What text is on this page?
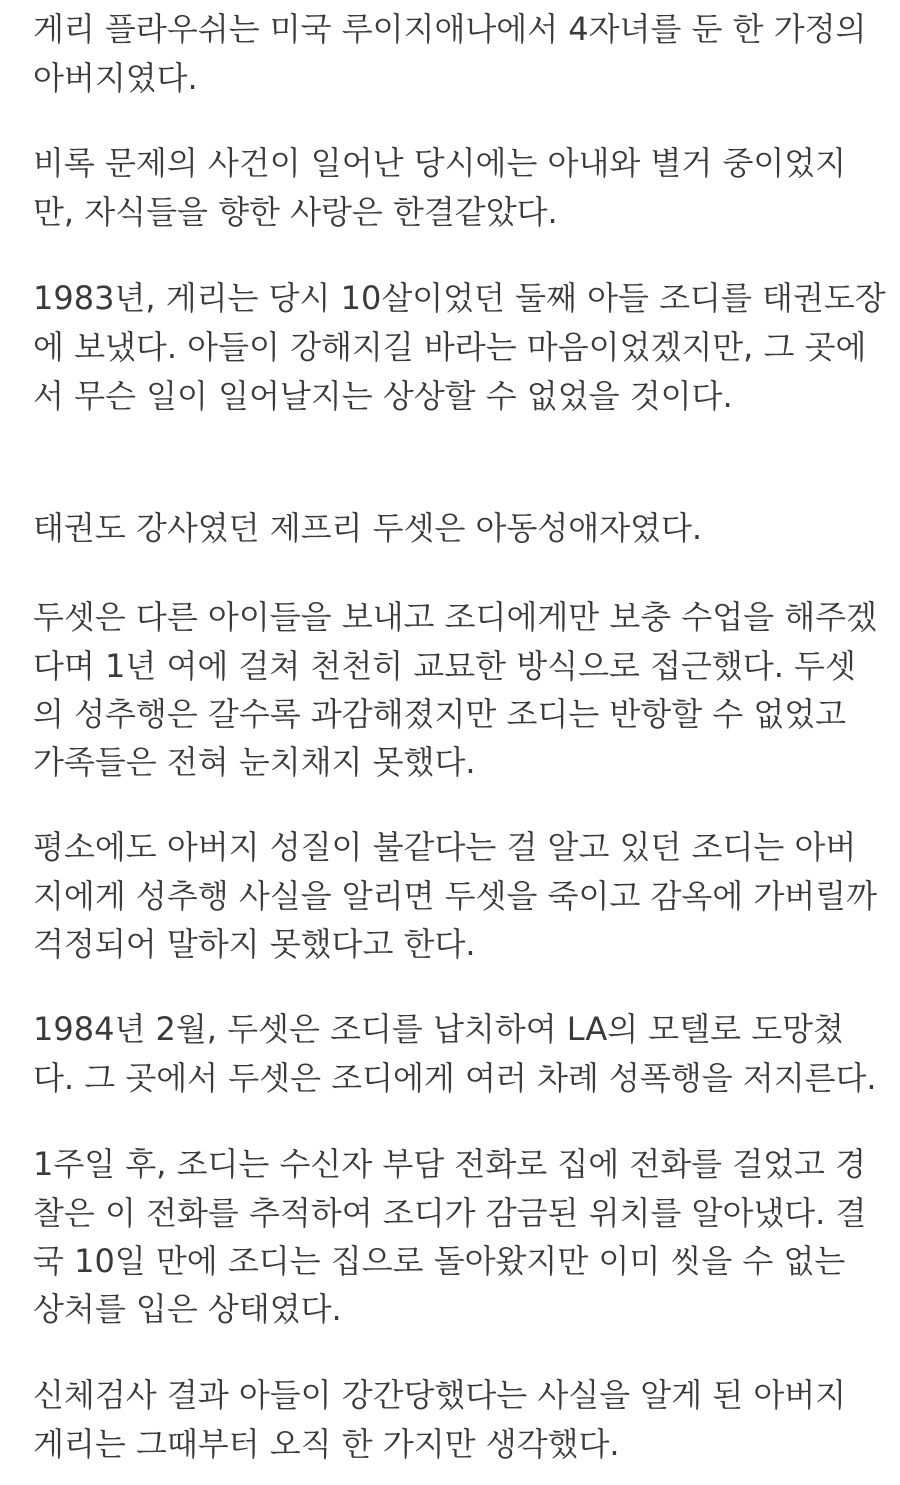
게리 플라우쉬는 미국 루이지애나에서 4자녀를 둔 한 가정의

아버지였다.

비록 문제의 사건이 일어난 당시에는 아내와 별거 중이었지

만, 자식들을 향한 사랑은 한결같았다.

1983년, 게리는 당시 10살이었던 둘째 아들 조디를 태권도장

에 보냈다. 아들이 강해지길 바라는 마음이었겠지만, 그 곳에

서 무슨 일이 일어날지는 상상할 수 없었을 것이다.

태권도 강사였던 제프리 두셋은 아동성애자였다.

두셋은 다른 아이들을 보내고 조디에게만 보충 수업을 해주겠

다며 1년 여에 걸쳐 천천히 교묘한 방식으로 접근했다. 두셋

의 성추행은 갈수록 과감해졌지만 조디는 반항할 수 없었고

가족들은 전혀 눈치채지 못했다.

평소에도 아버지 성질이 불같다는 걸 알고 있던 조디는 아버

지에게 성추행 사실을 알리면 두셋을 죽이고 감옥에 가버릴까

걱정되어 말하지 못했다고 한다.

1984년 2월, 두셋은 조디를 납치하여 LA의 모텔로 도망쳤

다. 그 곳에서 두셋은 조디에게 여러 차례 성폭행을 저지른다.

1주일 후, 조디는 수신자 부담 전화로 집에 전화를 걸었고 경

찰은 이 전화를 추적하여 조디가 감금된 위치를 알아냈다. 결

국 10일 만에 조디는 집으로 돌아왔지만 이미 씻을 수 없는

상처를 입은 상태였다.

신체검사 결과 아들이 강간당했다는 사실을 알게 된 아버지

게리는 그때부터 오직 한 가지만 생각했다.
